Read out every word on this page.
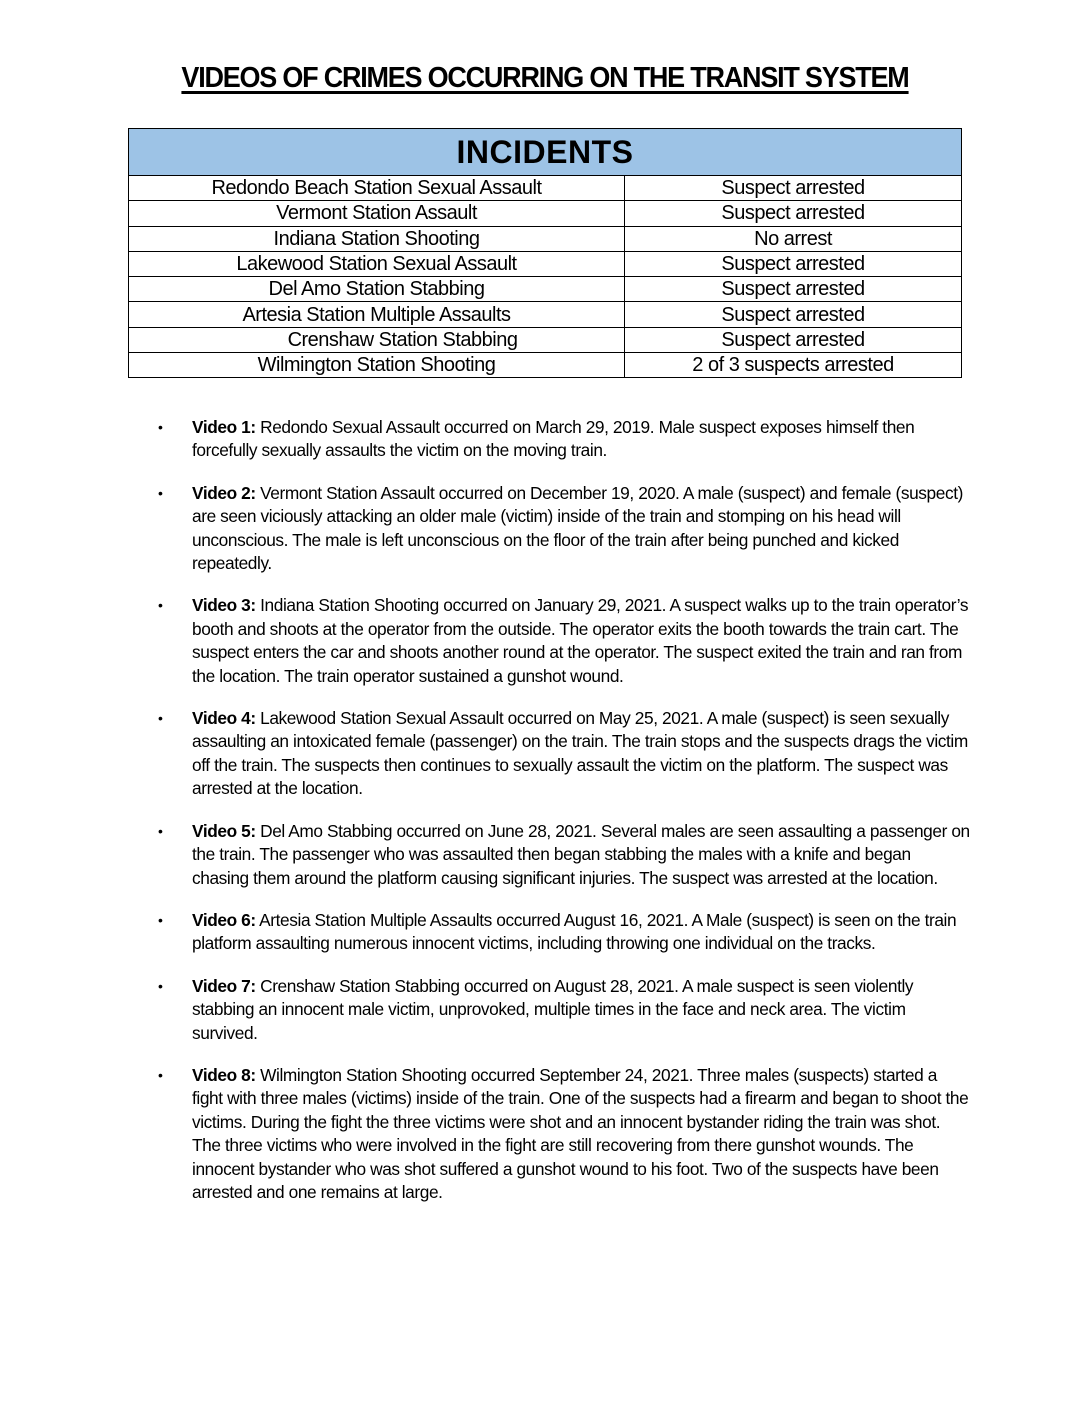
VIDEOS OF CRIMES OCCURRING ON THE TRANSIT SYSTEM
INCIDENTS	
Redondo Beach Station Sexual Assault	Suspect arrested
Vermont Station Assault	Suspect arrested
Indiana Station Shooting	No arrest
Lakewood Station Sexual Assault	Suspect arrested
Del Amo Station Stabbing	Suspect arrested
Artesia Station Multiple Assaults	Suspect arrested
Crenshaw Station Stabbing	Suspect arrested
Wilmington Station Shooting	2 of 3 suspects arrested
• Video 1: Redondo Sexual Assault occurred on March 29, 2019. Male suspect exposes himself then forcefully sexually assaults the victim on the moving train.
• Video 2: Vermont Station Assault occurred on December 19, 2020. A male (suspect) and female (suspect) are seen viciously attacking an older male (victim) inside of the train and stomping on his head will unconscious. The male is left unconscious on the floor of the train after being punched and kicked repeatedly.
• Video 3: Indiana Station Shooting occurred on January 29, 2021. A suspect walks up to the train operator’s booth and shoots at the operator from the outside. The operator exits the booth towards the train cart. The suspect enters the car and shoots another round at the operator. The suspect exited the train and ran from the location. The train operator sustained a gunshot wound.
• Video 4: Lakewood Station Sexual Assault occurred on May 25, 2021. A male (suspect) is seen sexually assaulting an intoxicated female (passenger) on the train. The train stops and the suspects drags the victim off the train. The suspects then continues to sexually assault the victim on the platform. The suspect was arrested at the location.
• Video 5: Del Amo Stabbing occurred on June 28, 2021. Several males are seen assaulting a passenger on the train. The passenger who was assaulted then began stabbing the males with a knife and began chasing them around the platform causing significant injuries. The suspect was arrested at the location.
• Video 6: Artesia Station Multiple Assaults occurred August 16, 2021. A Male (suspect) is seen on the train platform assaulting numerous innocent victims, including throwing one individual on the tracks.
• Video 7: Crenshaw Station Stabbing occurred on August 28, 2021. A male suspect is seen violently stabbing an innocent male victim, unprovoked, multiple times in the face and neck area. The victim survived.
• Video 8: Wilmington Station Shooting occurred September 24, 2021. Three males (suspects) started a fight with three males (victims) inside of the train. One of the suspects had a firearm and began to shoot the victims. During the fight the three victims were shot and an innocent bystander riding the train was shot. The three victims who were involved in the fight are still recovering from there gunshot wounds. The innocent bystander who was shot suffered a gunshot wound to his foot. Two of the suspects have been arrested and one remains at large.
